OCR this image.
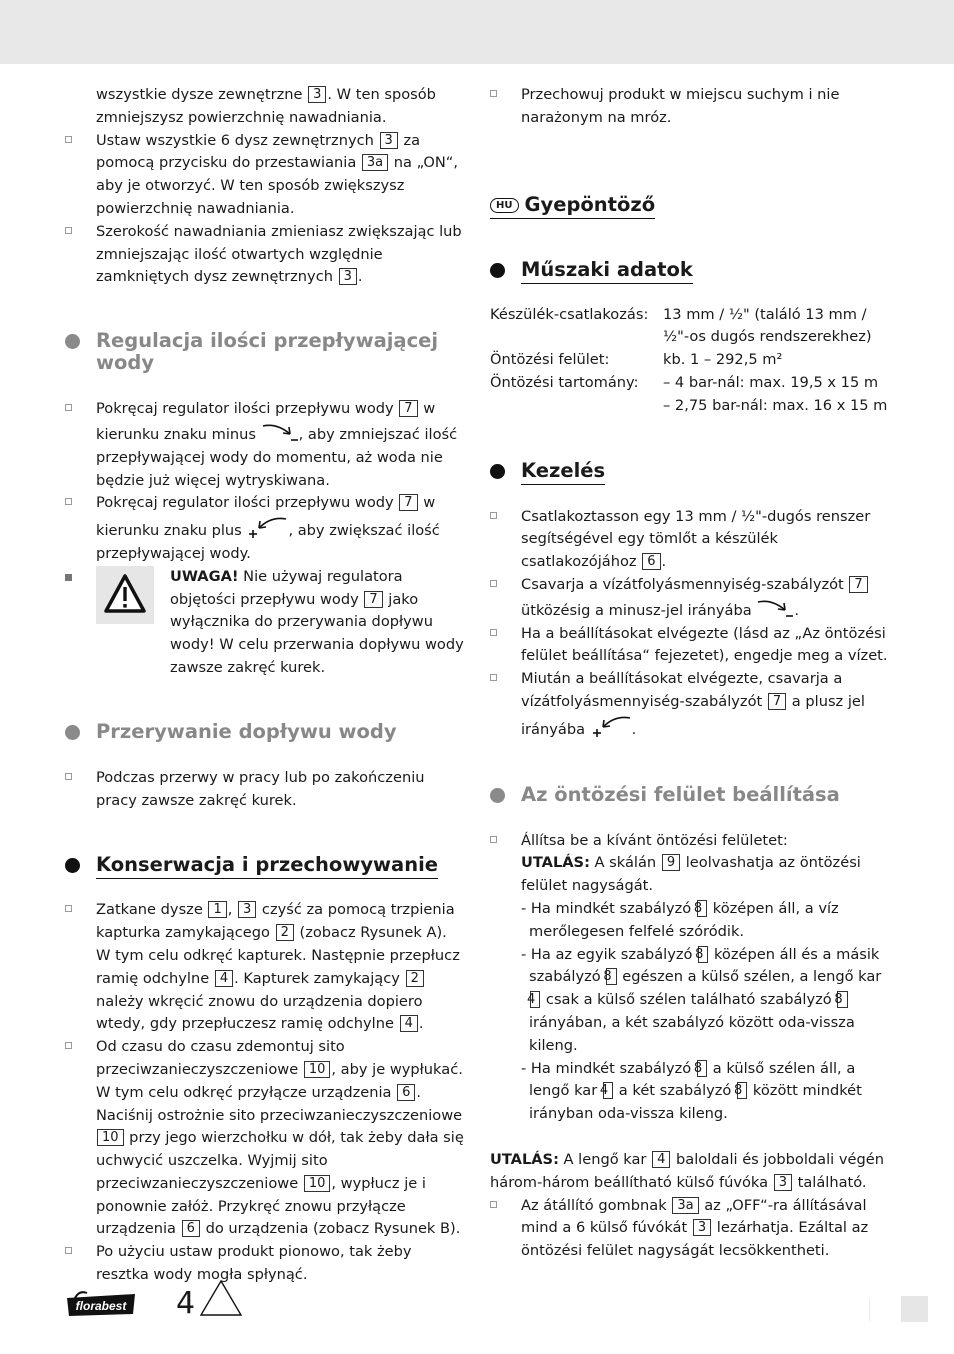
wszystkie dysze zewnętrzne 3 . W ten sposób zmniejszysz powierzchnię nawadniania.

Ustaw wszystkie 6 dysz zewnętrznych 3 za pomocą przycisku do przestawiania 3a na „ON“, aby je otworzyć. W ten sposób zwiększysz powierzchnię nawadniania.

Szerokość nawadniania zmieniasz zwiększając lub zmniejszając ilość otwartych względnie zamkniętych dysz zewnętrznych 3 .

Regulacja ilości przepływającej wody

Pokręcaj regulator ilości przepływu wody 7 w kierunku znaku minus	, aby zmniejszać ilość przepływającej wody do momentu, aż woda nie będzie już więcej wytryskiwana.

Pokręcaj regulator ilości przepływu wody 7 w kierunku znaku plus	, aby zwiększać ilość przepływającej wody.

UWAGA! Nie używaj regulatora objętości przepływu wody 7 jako wyłącznika do przerywania dopływu wody! W celu przerwania dopływu wody zawsze zakręć kurek.

Przerywanie dopływu wody

Podczas przerwy w pracy lub po zakończeniu pracy zawsze zakręć kurek.

Konserwacja i przechowywanie

Zatkane dysze 1 , 3 czyść za pomocą trzpienia kapturka zamykającego 2 (zobacz Rysunek A). W tym celu odkręć kapturek. Następnie przepłucz ramię odchylne 4 . Kapturek zamykający 2 należy wkręcić znowu do urządzenia dopiero wtedy, gdy przepłuczesz ramię odchylne 4 .

Od czasu do czasu zdemontuj sito przeciwzanieczyszczeniowe 10 , aby je wypłukać. W tym celu odkręć przyłącze urządzenia 6 . Naciśnij ostrożnie sito przeciwzanieczyszczeniowe 10 przy jego wierzchołku w dół, tak żeby dała się uchwycić uszczelka. Wyjmij sito przeciwzanieczyszczeniowe 10 , wypłucz je i ponownie załóż. Przykręć znowu przyłącze urządzenia 6 do urządzenia (zobacz Rysunek B).

Po użyciu ustaw produkt pionowo, tak żeby resztka wody mogła spłynąć.

Przechowuj produkt w miejscu suchym i nie narażonym na mróz.

HU Gyepöntöző
Műszaki adatok
Készülék-csatlakozás:	13 mm / ½" (találó 13 mm / ½"-os dugós rendszerekhez)
Öntözési felület:	kb. 1 – 292,5 m²
Öntözési tartomány:	– 4 bar-nál: max. 19,5 x 15 m
– 2,75 bar-nál: max. 16 x 15 m
Kezelés

Csatlakoztasson egy 13 mm / ½"-dugós renszer segítségével egy tömlőt a készülék csatlakozójához 6 .

Csavarja a vízátfolyásmennyiség-szabályzót 7 ütközésig a minusz-jel irányába	.

Ha a beállításokat elvégezte (lásd az „Az öntözési felület beállítása“ fejezetet), engedje meg a vízet.

Miután a beállításokat elvégezte, csavarja a vízátfolyásmennyiség-szabályzót 7 a plusz jel irányába	.

Az öntözési felület beállítása

Állítsa be a kívánt öntözési felületet:
UTALÁS: A skálán 9 leolvashatja az öntözési felület nagyságát.

- Ha mindkét szabályzó 8 középen áll, a víz merőlegesen felfelé szóródik.

- Ha az egyik szabályzó 8 középen áll és a másik szabályzó 8 egészen a külső szélen, a lengő kar 4 csak a külső szélen található szabályzó 8 irányában, a két szabályzó között oda-vissza kileng.

- Ha mindkét szabályzó 8 a külső szélen áll, a lengő kar 4 a két szabályzó 8 között mindkét irányban oda-vissza kileng.

UTALÁS: A lengő kar 4 baloldali és jobboldali végén három-három beállítható külső fúvóka 3 található.

Az átállító gombnak 3a az „OFF“-ra állításával mind a 6 külső fúvókát 3 lezárhatja. Ezáltal az öntözési felület nagyságát lecsökkentheti.

florabest 4
